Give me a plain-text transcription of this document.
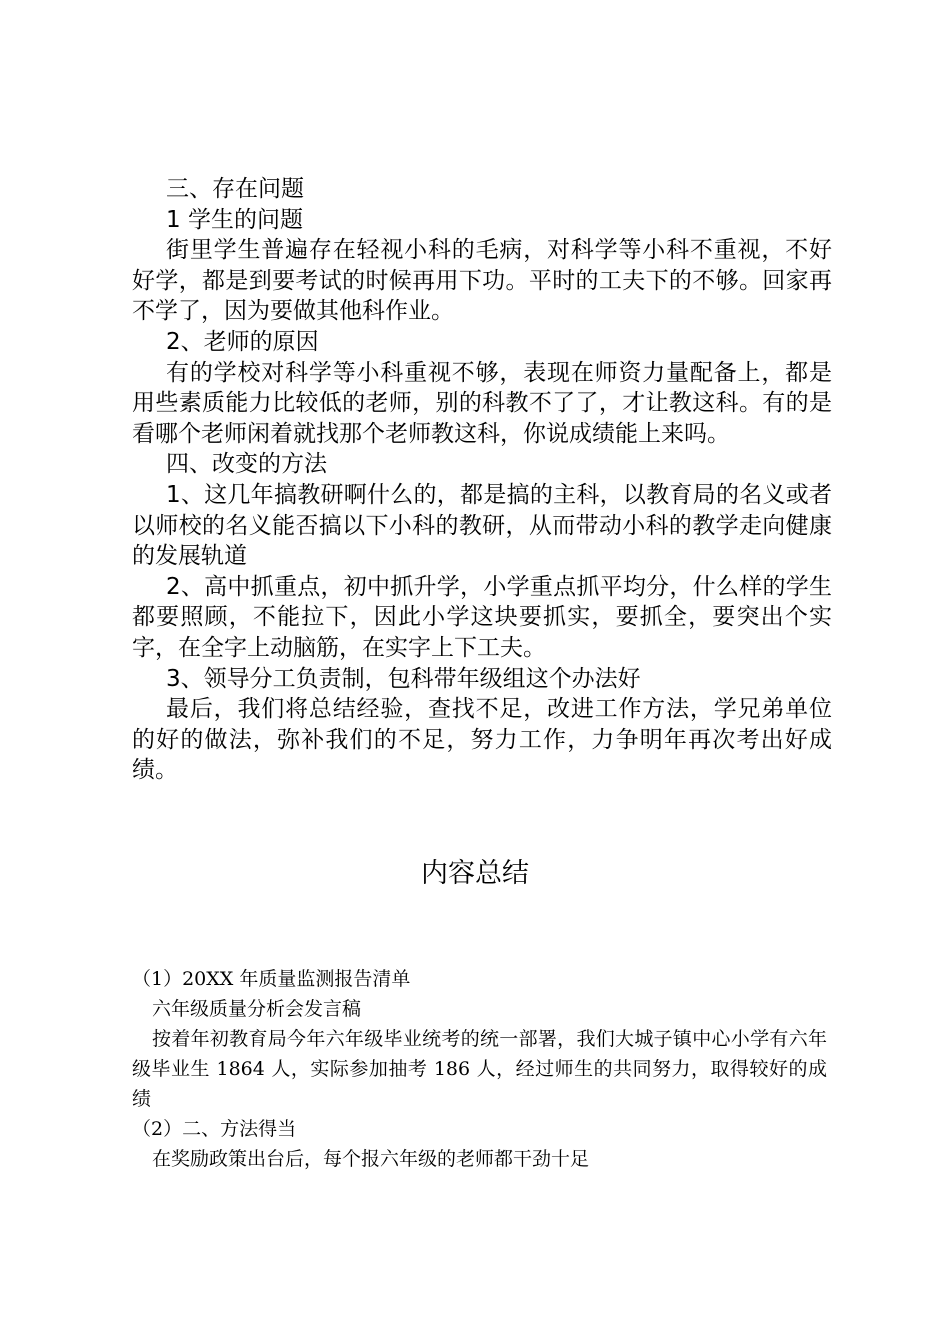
三、存在问题

1 学生的问题

街里学生普遍存在轻视小科的毛病，对科学等小科不重视，不好好学，都是到要考试的时候再用下功。平时的工夫下的不够。回家再不学了，因为要做其他科作业。

2、老师的原因

有的学校对科学等小科重视不够，表现在师资力量配备上，都是用些素质能力比较低的老师，别的科教不了了，才让教这科。有的是看哪个老师闲着就找那个老师教这科，你说成绩能上来吗。

四、改变的方法

1、这几年搞教研啊什么的，都是搞的主科，以教育局的名义或者以师校的名义能否搞以下小科的教研，从而带动小科的教学走向健康的发展轨道

2、高中抓重点，初中抓升学，小学重点抓平均分，什么样的学生都要照顾，不能拉下，因此小学这块要抓实，要抓全，要突出个实字，在全字上动脑筋，在实字上下工夫。

3、领导分工负责制，包科带年级组这个办法好

最后，我们将总结经验，查找不足，改进工作方法，学兄弟单位的好的做法，弥补我们的不足，努力工作，力争明年再次考出好成绩。

内容总结

（1）20XX 年质量监测报告清单

六年级质量分析会发言稿

按着年初教育局今年六年级毕业统考的统一部署，我们大城子镇中心小学有六年级毕业生 1864 人，实际参加抽考 186 人，经过师生的共同努力，取得较好的成绩

（2）二、方法得当

在奖励政策出台后，每个报六年级的老师都干劲十足
